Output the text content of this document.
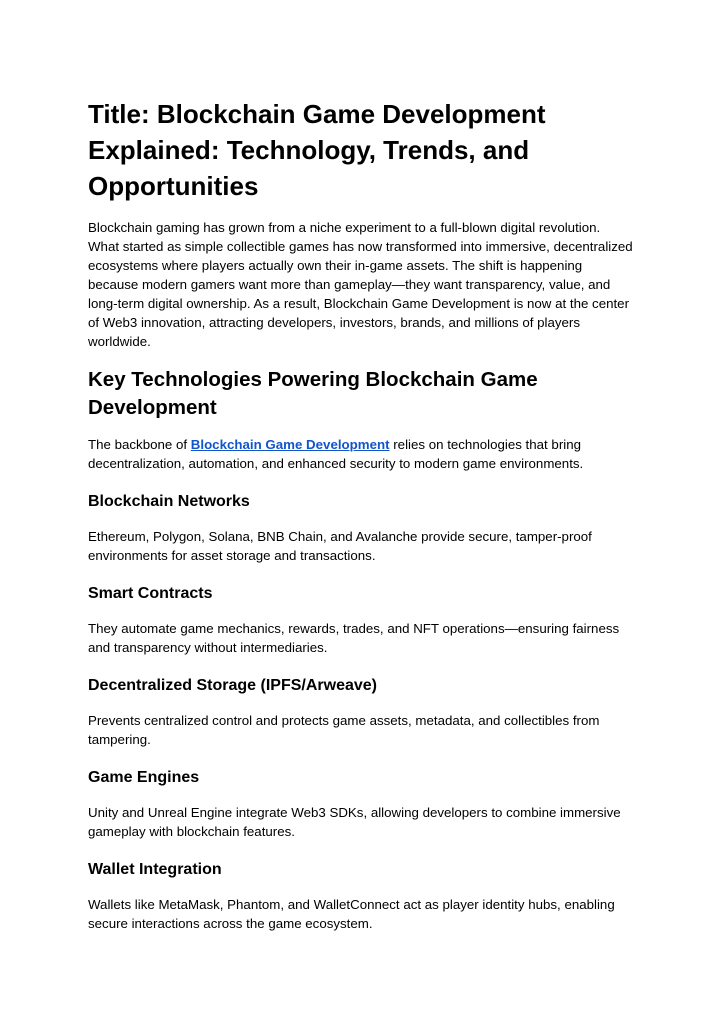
Title: Blockchain Game Development Explained: Technology, Trends, and Opportunities

Blockchain gaming has grown from a niche experiment to a full-blown digital revolution. What started as simple collectible games has now transformed into immersive, decentralized ecosystems where players actually own their in-game assets. The shift is happening because modern gamers want more than gameplay—they want transparency, value, and long-term digital ownership. As a result, Blockchain Game Development is now at the center of Web3 innovation, attracting developers, investors, brands, and millions of players worldwide.

Key Technologies Powering Blockchain Game Development

The backbone of Blockchain Game Development relies on technologies that bring decentralization, automation, and enhanced security to modern game environments.

Blockchain Networks

Ethereum, Polygon, Solana, BNB Chain, and Avalanche provide secure, tamper-proof environments for asset storage and transactions.

Smart Contracts

They automate game mechanics, rewards, trades, and NFT operations—ensuring fairness and transparency without intermediaries.

Decentralized Storage (IPFS/Arweave)

Prevents centralized control and protects game assets, metadata, and collectibles from tampering.

Game Engines

Unity and Unreal Engine integrate Web3 SDKs, allowing developers to combine immersive gameplay with blockchain features.

Wallet Integration

Wallets like MetaMask, Phantom, and WalletConnect act as player identity hubs, enabling secure interactions across the game ecosystem.
